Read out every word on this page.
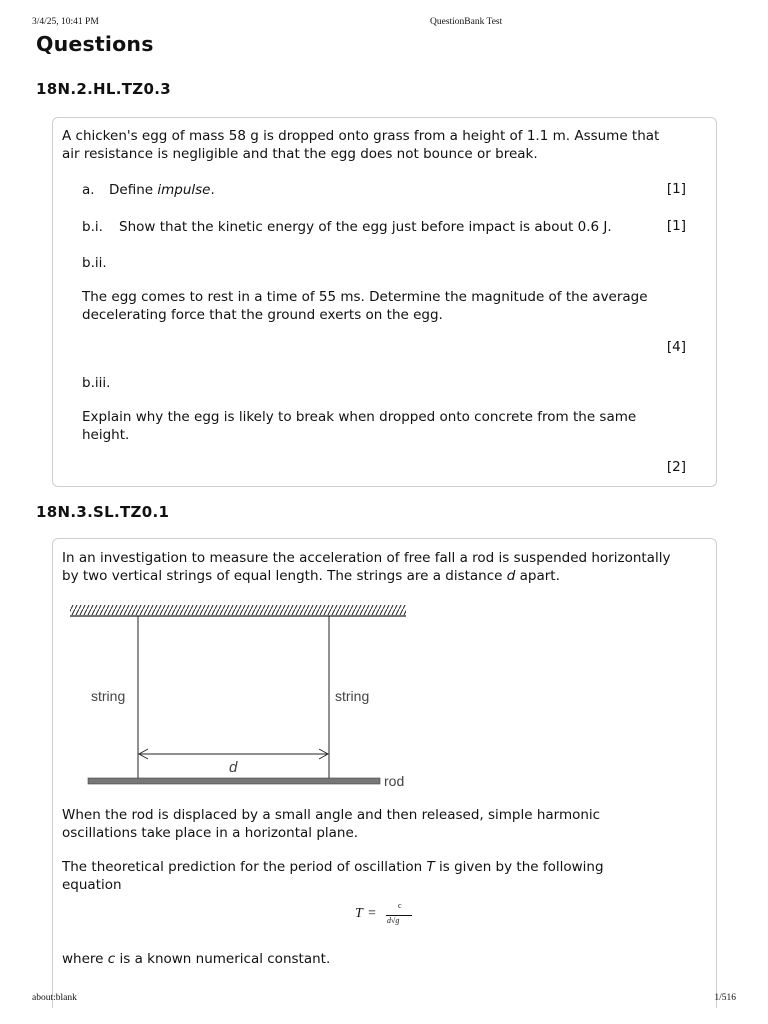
3/4/25, 10:41 PM	QuestionBank Test
Questions
18N.2.HL.TZ0.3
A chicken's egg of mass 58 g is dropped onto grass from a height of 1.1 m. Assume that
air resistance is negligible and that the egg does not bounce or break.
a. Define impulse.	[1]
b.i. Show that the kinetic energy of the egg just before impact is about 0.6 J.	[1]
b.ii.
The egg comes to rest in a time of 55 ms. Determine the magnitude of the average
decelerating force that the ground exerts on the egg.
[4]
b.iii.
Explain why the egg is likely to break when dropped onto concrete from the same
height.
[2]
18N.3.SL.TZ0.1
In an investigation to measure the acceleration of free fall a rod is suspended horizontally
by two vertical strings of equal length. The strings are a distance d apart.
string	string
d
rod
When the rod is displaced by a small angle and then released, simple harmonic
oscillations take place in a horizontal plane.
The theoretical prediction for the period of oscillation T is given by the following
equation
T =
c
d√g
where c is a known numerical constant.
about:blank	1/516
